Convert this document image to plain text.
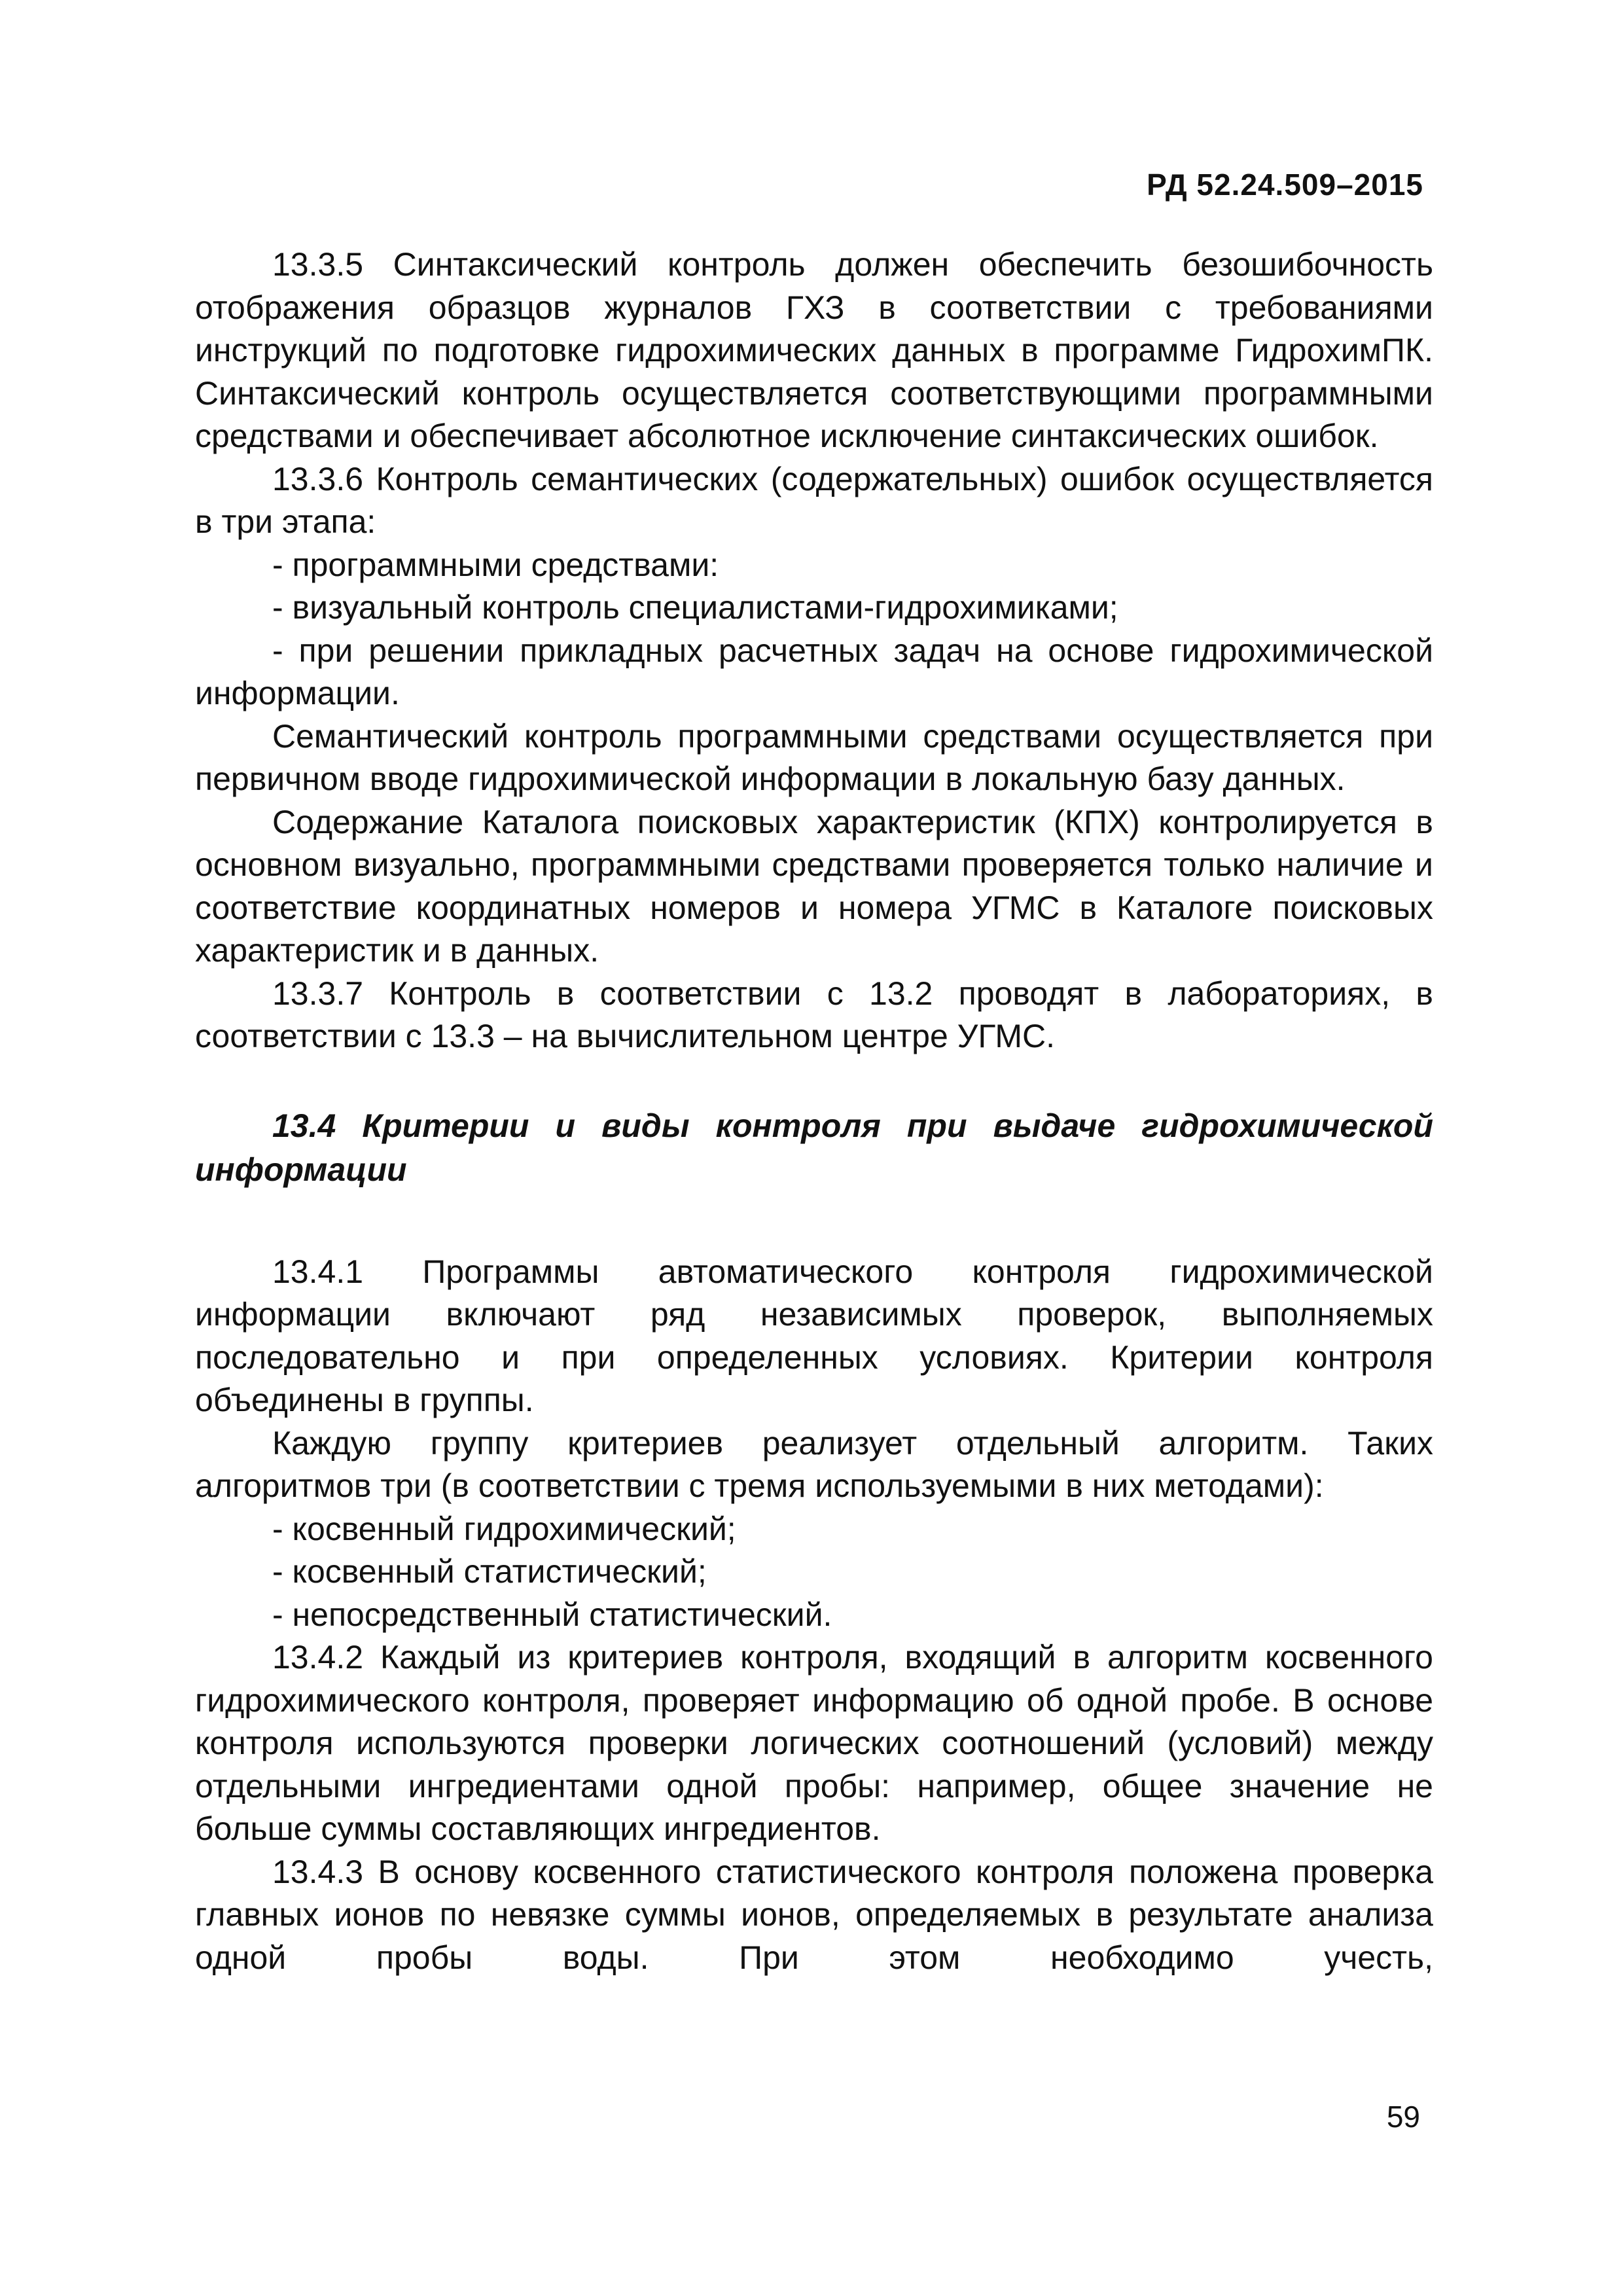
РД 52.24.509–2015

13.3.5 Синтаксический контроль должен обеспечить безошибочность отображения образцов журналов ГХЗ в соответствии с требованиями инструкций по подготовке гидрохимических данных в программе ГидрохимПК. Синтаксический контроль осуществляется соответствующими программными средствами и обеспечивает абсолютное исключение синтаксических ошибок.

13.3.6 Контроль семантических (содержательных) ошибок осуществляется в три этапа:

- программными средствами:

- визуальный контроль специалистами-гидрохимиками;

- при решении прикладных расчетных задач на основе гидрохимической информации.

Семантический контроль программными средствами осуществляется при первичном вводе гидрохимической информации в локальную базу данных.

Содержание Каталога поисковых характеристик (КПХ) контролируется в основном визуально, программными средствами проверяется только наличие и соответствие координатных номеров и номера УГМС в Каталоге поисковых характеристик и в данных.

13.3.7 Контроль в соответствии с 13.2 проводят в лабораториях, в соответствии с 13.3 – на вычислительном центре УГМС.

13.4 Критерии и виды контроля при выдаче гидрохимической информации

13.4.1 Программы автоматического контроля гидрохимической информации включают ряд независимых проверок, выполняемых последовательно и при определенных условиях. Критерии контроля объединены в группы.

Каждую группу критериев реализует отдельный алгоритм. Таких алгоритмов три (в соответствии с тремя используемыми в них методами):

- косвенный гидрохимический;

- косвенный статистический;

- непосредственный статистический.

13.4.2 Каждый из критериев контроля, входящий в алгоритм косвенного гидрохимического контроля, проверяет информацию об одной пробе. В основе контроля используются проверки логических соотношений (условий) между отдельными ингредиентами одной пробы: например, общее значение не больше суммы составляющих ингредиентов.

13.4.3 В основу косвенного статистического контроля положена проверка главных ионов по невязке суммы ионов, определяемых в результате анализа одной пробы воды. При этом необходимо учесть,

59
